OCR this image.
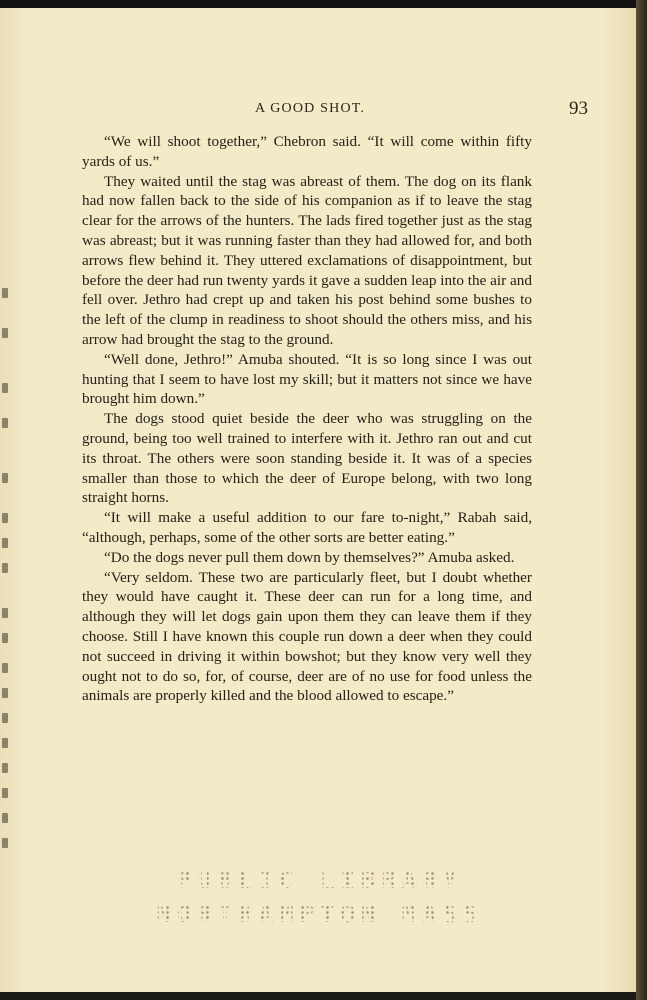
A GOOD SHOT.	93

“We will shoot together,” Chebron said. “It will come within fifty yards of us.”

They waited until the stag was abreast of them. The dog on its flank had now fallen back to the side of his companion as if to leave the stag clear for the arrows of the hunters. The lads fired together just as the stag was abreast; but it was running faster than they had allowed for, and both arrows flew behind it. They uttered exclamations of disappointment, but before the deer had run twenty yards it gave a sudden leap into the air and fell over. Jethro had crept up and taken his post behind some bushes to the left of the clump in readiness to shoot should the others miss, and his arrow had brought the stag to the ground.

“Well done, Jethro!” Amuba shouted. “It is so long since I was out hunting that I seem to have lost my skill; but it matters not since we have brought him down.”

The dogs stood quiet beside the deer who was struggling on the ground, being too well trained to interfere with it. Jethro ran out and cut its throat. The others were soon standing beside it. It was of a species smaller than those to which the deer of Europe belong, with two long straight horns.

“It will make a useful addition to our fare to-night,” Rabah said, “although, perhaps, some of the other sorts are better eating.”

“Do the dogs never pull them down by themselves?” Amuba asked.

“Very seldom. These two are particularly fleet, but I doubt whether they would have caught it. These deer can run for a long time, and although they will let dogs gain upon them they can leave them if they choose. Still I have known this couple run down a deer when they could not succeed in driving it within bowshot; but they know very well they ought not to do so, for, of course, deer are of no use for food unless the animals are properly killed and the blood allowed to escape.”

PUBLIC LIBRARY
NORTHAMPTON MASS
